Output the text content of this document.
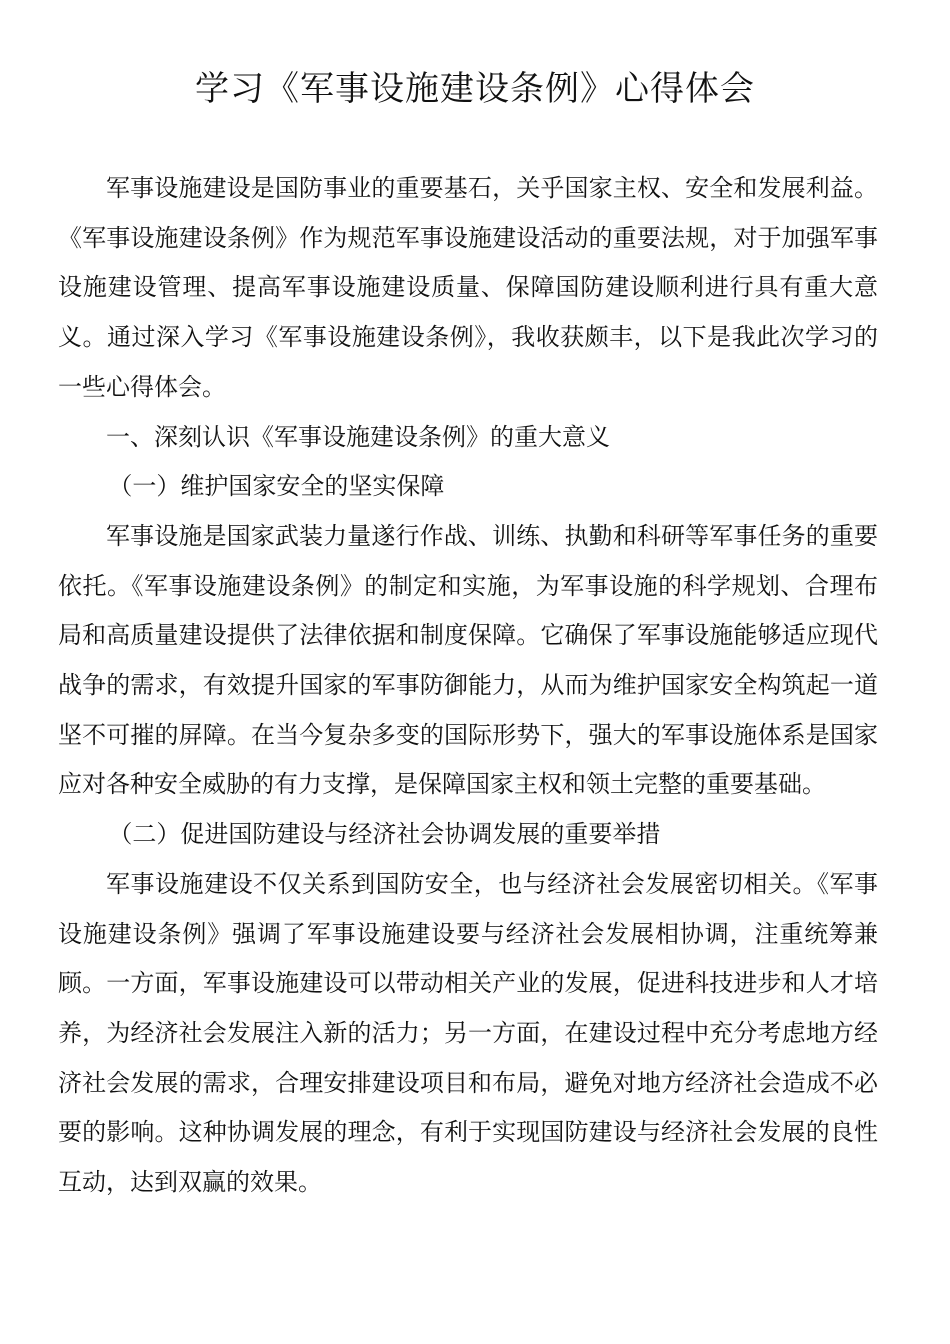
学习《军事设施建设条例》心得体会

军事设施建设是国防事业的重要基石，关乎国家主权、安全和发展利益。《军事设施建设条例》作为规范军事设施建设活动的重要法规，对于加强军事设施建设管理、提高军事设施建设质量、保障国防建设顺利进行具有重大意义。通过深入学习《军事设施建设条例》，我收获颇丰，以下是我此次学习的一些心得体会。

一、深刻认识《军事设施建设条例》的重大意义

（一）维护国家安全的坚实保障

军事设施是国家武装力量遂行作战、训练、执勤和科研等军事任务的重要依托。《军事设施建设条例》的制定和实施，为军事设施的科学规划、合理布局和高质量建设提供了法律依据和制度保障。它确保了军事设施能够适应现代战争的需求，有效提升国家的军事防御能力，从而为维护国家安全构筑起一道坚不可摧的屏障。在当今复杂多变的国际形势下，强大的军事设施体系是国家应对各种安全威胁的有力支撑，是保障国家主权和领土完整的重要基础。

（二）促进国防建设与经济社会协调发展的重要举措

军事设施建设不仅关系到国防安全，也与经济社会发展密切相关。《军事设施建设条例》强调了军事设施建设要与经济社会发展相协调，注重统筹兼顾。一方面，军事设施建设可以带动相关产业的发展，促进科技进步和人才培养，为经济社会发展注入新的活力；另一方面，在建设过程中充分考虑地方经济社会发展的需求，合理安排建设项目和布局，避免对地方经济社会造成不必要的影响。这种协调发展的理念，有利于实现国防建设与经济社会发展的良性互动，达到双赢的效果。
